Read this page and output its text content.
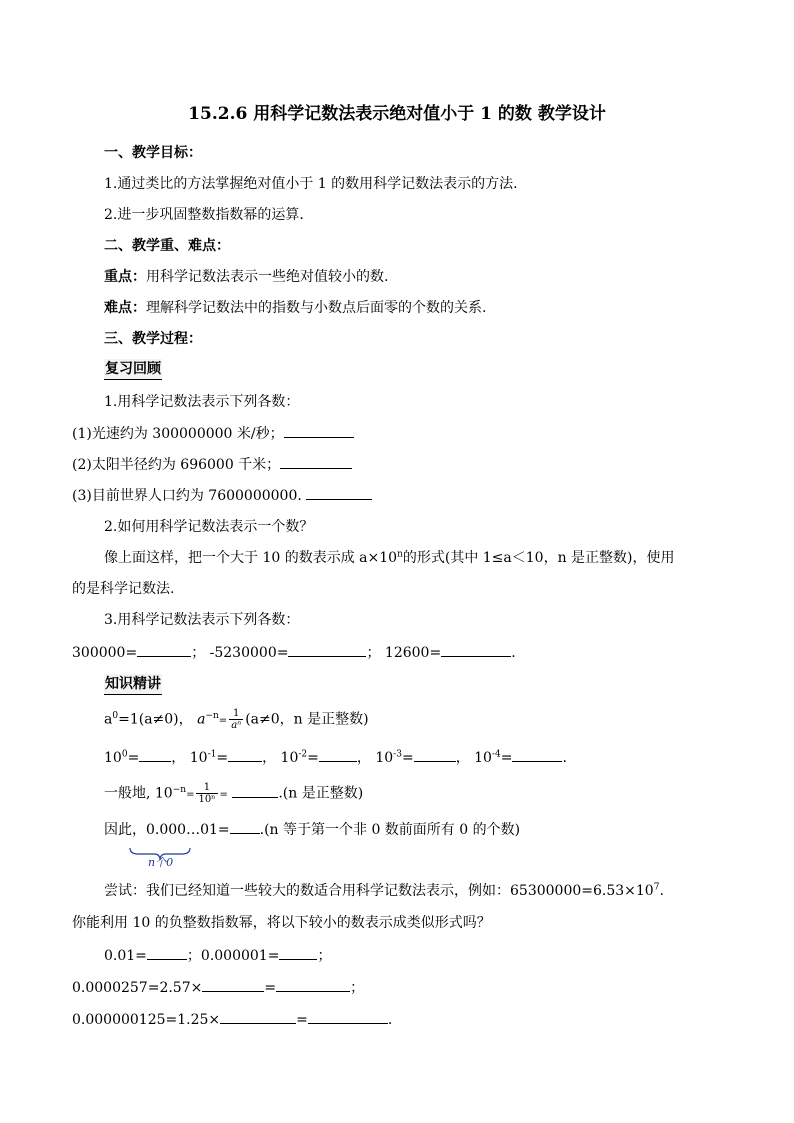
15.2.6 用科学记数法表示绝对值小于 1 的数 教学设计
一、教学目标：
1.通过类比的方法掌握绝对值小于 1 的数用科学记数法表示的方法.
2.进一步巩固整数指数幂的运算.
二、教学重、难点：
重点：用科学记数法表示一些绝对值较小的数.
难点：理解科学记数法中的指数与小数点后面零的个数的关系.
三、教学过程：
复习回顾
1.用科学记数法表示下列各数：
(1)光速约为 300000000 米/秒；
(2)太阳半径约为 696000 千米；
(3)目前世界人口约为 7600000000.
2.如何用科学记数法表示一个数？
像上面这样，把一个大于 10 的数表示成 $a\times 10^n$的形式(其中 1≤a＜10，n 是正整数)，使用
的是科学记数法.
3.用科学记数法表示下列各数：
300000=	； -5230000=	； 12600=	.
知识精讲
$a^0=1(a\ne 0)$， $a^{-n}= \frac{1}{\text{aⁿ}} (a\ne 0$，n 是正整数)
$10^0=$ ， $10^{-1}=$ ， $10^{-2}=$	， $10^{-3}=$	， $10^{-4}=$	.
一般地, $10^{-n}= \frac{1}{\text{10ⁿ}}$ =	.(n 是正整数)
因此，0.000…01= .(n 等于第一个非 0 数前面所有 0 的个数)
n个0
尝试：我们已经知道一些较大的数适合用科学记数法表示，例如：$65300000=6.53\times 10^7$.
你能利用 10 的负整数指数幂，将以下较小的数表示成类似形式吗？
0.01=	；0.000001=	；
0.0000257=2.57×	=	；
0.000000125=1.25×	=	.
